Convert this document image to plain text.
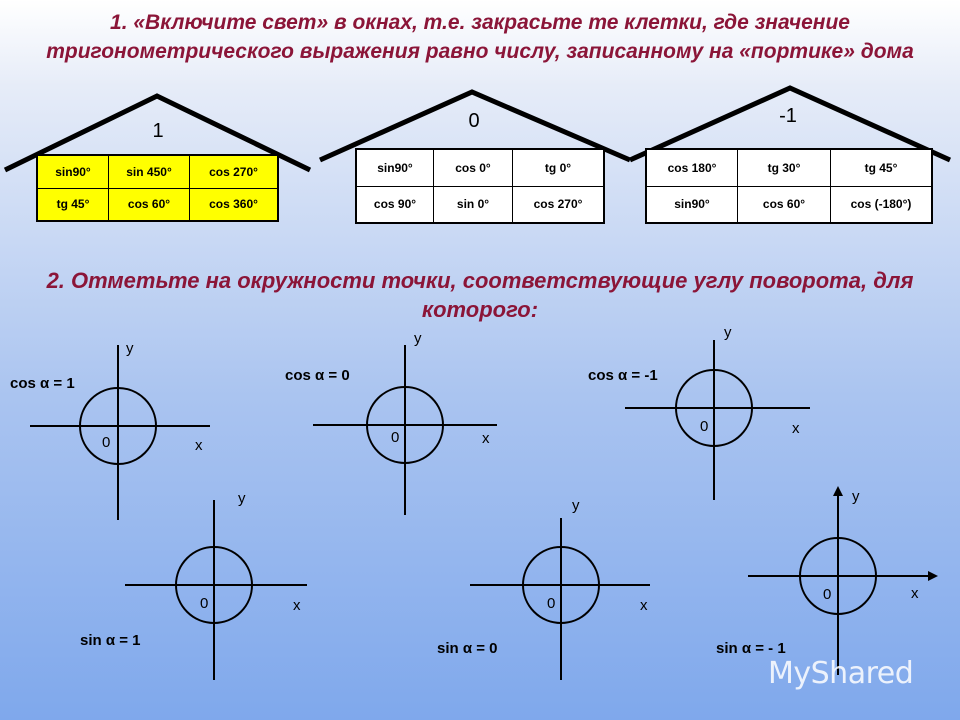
1. «Включите свет» в окнах, т.е. закрасьте те клетки, где значение тригонометрического выражения равно числу, записанному на «портике» дома

1	0	-1
sin90°	sin 450°	cos 270°
tg 45°	cos 60°	cos 360°
sin90°	cos 0°	tg 0°
cos 90°	sin 0°	cos 270°
cos 180°	tg 30°	tg 45°
sin90°	cos 60°	cos (-180°)

2. Отметьте на окружности точки, соответствующие углу поворота, для которого:

cos α = 1	cos α = 0	cos α = -1
sin α = 1	sin α = 0	sin α = - 1
y
x
0
y
x
0
y
x
0
y
x
0
y
x
0
y
x
0
MyShared
